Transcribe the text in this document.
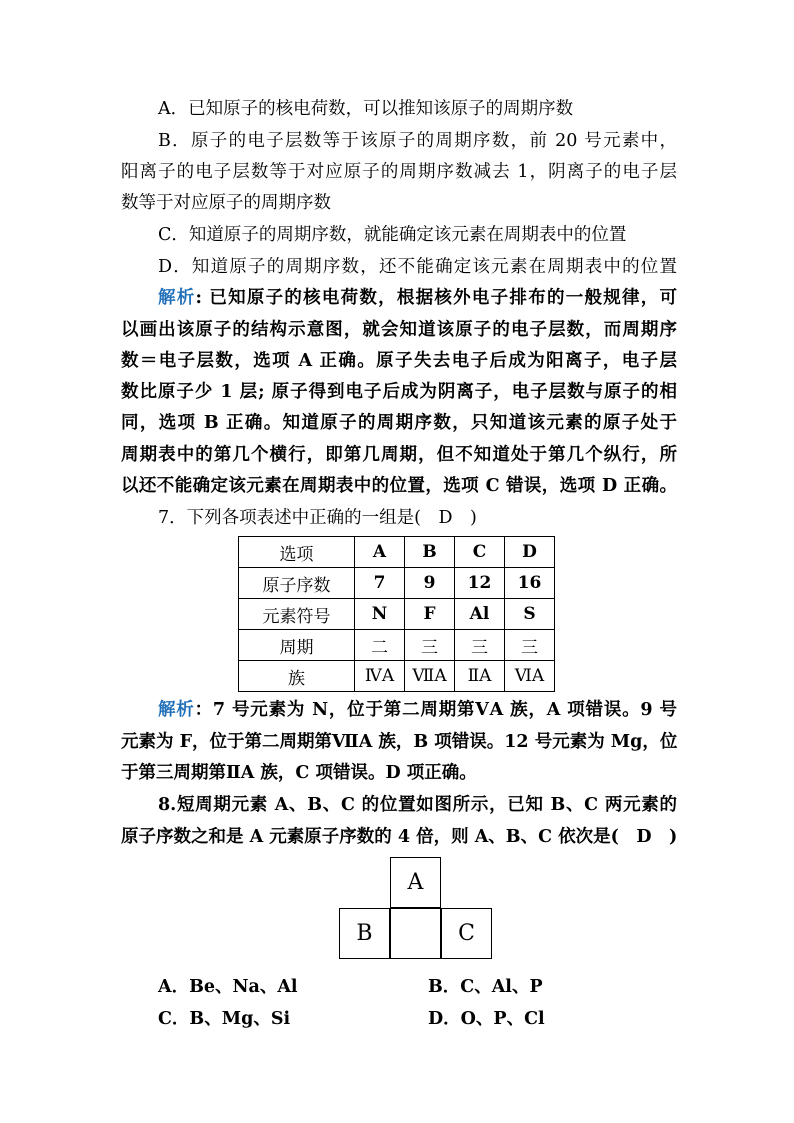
A．已知原子的核电荷数，可以推知该原子的周期序数
B．原子的电子层数等于该原子的周期序数，前 20 号元素中，
阳离子的电子层数等于对应原子的周期序数减去 1，阴离子的电子层
数等于对应原子的周期序数
C．知道原子的周期序数，就能确定该元素在周期表中的位置
D．知道原子的周期序数，还不能确定该元素在周期表中的位置
解析: 已知原子的核电荷数，根据核外电子排布的一般规律，可
以画出该原子的结构示意图，就会知道该原子的电子层数，而周期序
数＝电子层数，选项 A 正确。原子失去电子后成为阳离子，电子层
数比原子少 1 层; 原子得到电子后成为阴离子，电子层数与原子的相
同，选项 B 正确。知道原子的周期序数，只知道该元素的原子处于
周期表中的第几个横行，即第几周期，但不知道处于第几个纵行，所
以还不能确定该元素在周期表中的位置，选项 C 错误，选项 D 正确。
7．下列各项表述中正确的一组是(　D　)
选项	A	B	C	D
原子序数	7	9	12	16
元素符号	N	F	Al	S
周期	二	三	三	三
族	ⅣA	ⅦA	ⅡA	ⅥA
解析：7 号元素为 N，位于第二周期第ⅤA 族，A 项错误。9 号
元素为 F，位于第二周期第ⅦA 族，B 项错误。12 号元素为 Mg，位
于第三周期第ⅡA 族，C 项错误。D 项正确。
8.短周期元素 A、B、C 的位置如图所示，已知 B、C 两元素的
原子序数之和是 A 元素原子序数的 4 倍，则 A、B、C 依次是(　D　)
A
B	C
A．Be、Na、Al	B．C、Al、P
C．B、Mg、Si	D．O、P、Cl
